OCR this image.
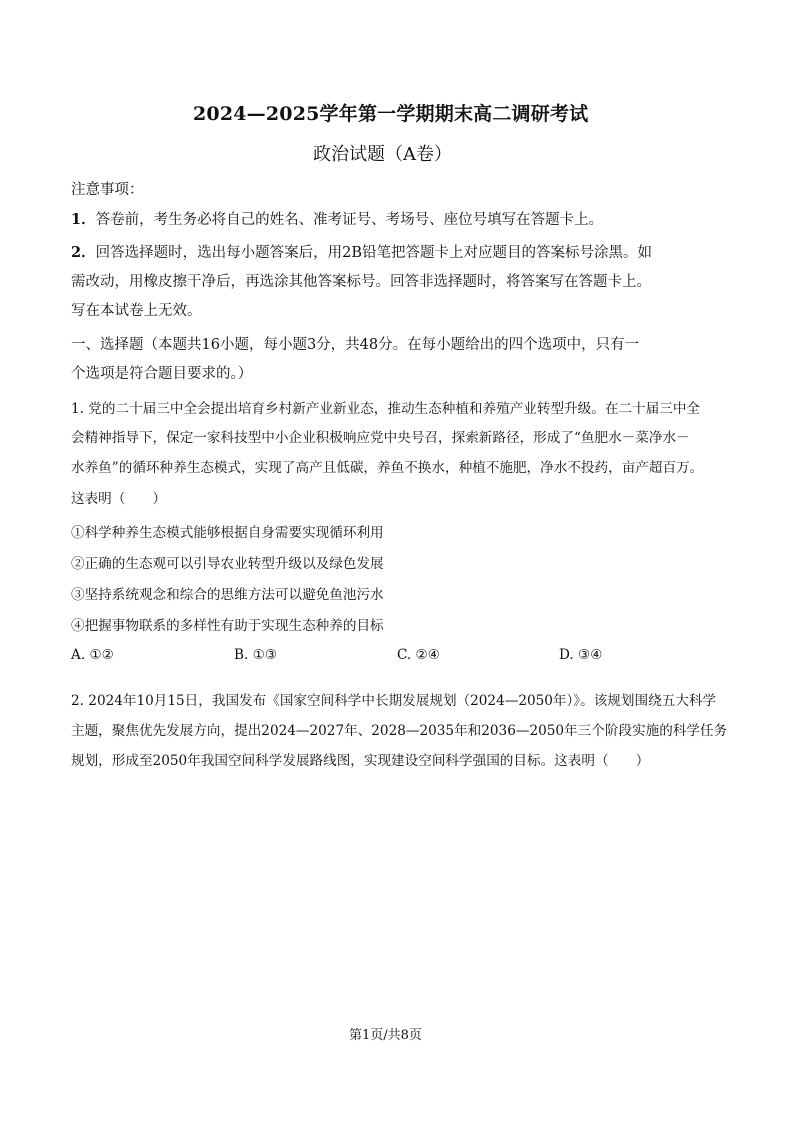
2024—2025学年第一学期期末高二调研考试
政治试题（A卷）
注意事项：
1．答卷前，考生务必将自己的姓名、准考证号、考场号、座位号填写在答题卡上。
2．回答选择题时，选出每小题答案后，用2B铅笔把答题卡上对应题目的答案标号涂黑。如
需改动，用橡皮擦干净后，再选涂其他答案标号。回答非选择题时，将答案写在答题卡上。
写在本试卷上无效。
一、选择题（本题共16小题，每小题3分，共48分。在每小题给出的四个选项中，只有一
个选项是符合题目要求的。）
1. 党的二十届三中全会提出培育乡村新产业新业态，推动生态种植和养殖产业转型升级。在二十届三中全
会精神指导下，保定一家科技型中小企业积极响应党中央号召，探索新路径，形成了“鱼肥水－菜净水－
水养鱼”的循环种养生态模式，实现了高产且低碳，养鱼不换水，种植不施肥，净水不投药，亩产超百万。
这表明（　　）
①科学种养生态模式能够根据自身需要实现循环利用
②正确的生态观可以引导农业转型升级以及绿色发展
③坚持系统观念和综合的思维方法可以避免鱼池污水
④把握事物联系的多样性有助于实现生态种养的目标
A. ①②	B. ①③	C. ②④	D. ③④
2. 2024年10月15日，我国发布《国家空间科学中长期发展规划（2024—2050年）》。该规划围绕五大科学
主题，聚焦优先发展方向，提出2024—2027年、2028—2035年和2036—2050年三个阶段实施的科学任务
规划，形成至2050年我国空间科学发展路线图，实现建设空间科学强国的目标。这表明（　　）
第1页/共8页
